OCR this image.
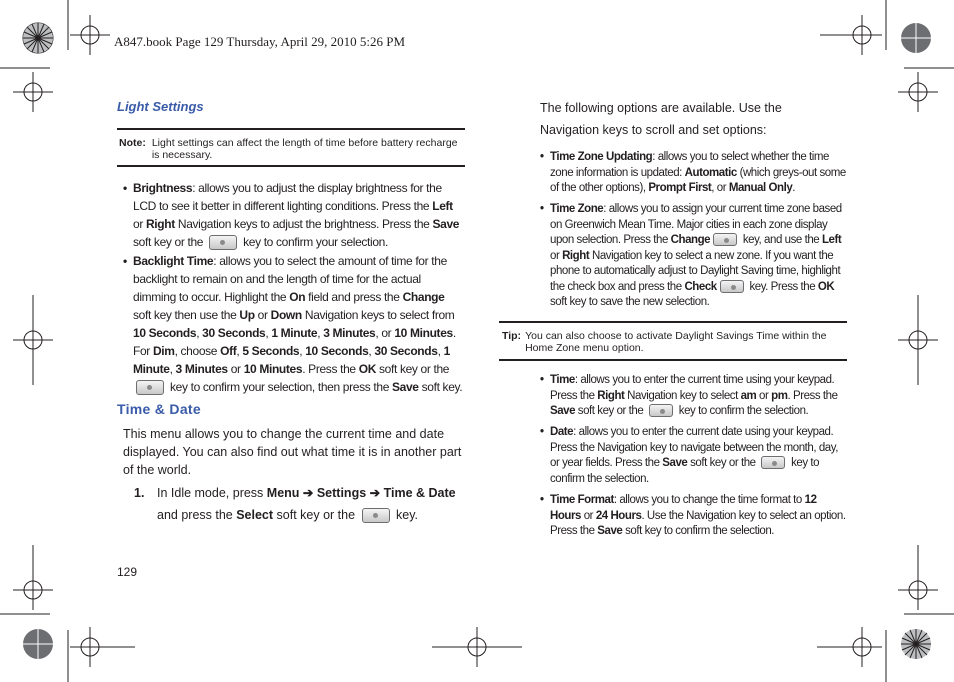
A847.book Page 129 Thursday, April 29, 2010 5:26 PM
Light Settings
Note: Light settings can affect the length of time before battery recharge is necessary.
• Brightness: allows you to adjust the display brightness for the LCD to see it better in different lighting conditions. Press the Left or Right Navigation keys to adjust the brightness. Press the Save soft key or the	key to confirm your selection.
• Backlight Time: allows you to select the amount of time for the backlight to remain on and the length of time for the actual dimming to occur. Highlight the On field and press the Change soft key then use the Up or Down Navigation keys to select from 10 Seconds, 30 Seconds, 1 Minute, 3 Minutes, or 10 Minutes. For Dim, choose Off, 5 Seconds, 10 Seconds, 30 Seconds, 1 Minute, 3 Minutes or 10 Minutes. Press the OK soft key or the  key to confirm your selection, then press the Save soft key.
Time & Date
This menu allows you to change the current time and date displayed. You can also find out what time it is in another part of the world.
1. In Idle mode, press Menu ➔ Settings ➔ Time & Date and press the Select soft key or the	key.
129
The following options are available. Use the Navigation keys to scroll and set options:
• Time Zone Updating: allows you to select whether the time zone information is updated: Automatic (which greys-out some of the other options), Prompt First, or Manual Only.
• Time Zone: allows you to assign your current time zone based on Greenwich Mean Time. Major cities in each zone display upon selection. Press the Change	key, and use the Left or Right Navigation key to select a new zone. If you want the phone to automatically adjust to Daylight Saving time, highlight the check box and press the Check	key. Press the OK soft key to save the new selection.
Tip: You can also choose to activate Daylight Savings Time within the Home Zone menu option.
• Time: allows you to enter the current time using your keypad. Press the Right Navigation key to select am or pm. Press the Save soft key or the	key to confirm the selection.
• Date: allows you to enter the current date using your keypad. Press the Navigation key to navigate between the month, day, or year fields. Press the Save soft key or the	key to confirm the selection.
• Time Format: allows you to change the time format to 12 Hours or 24 Hours. Use the Navigation key to select an option. Press the Save soft key to confirm the selection.
